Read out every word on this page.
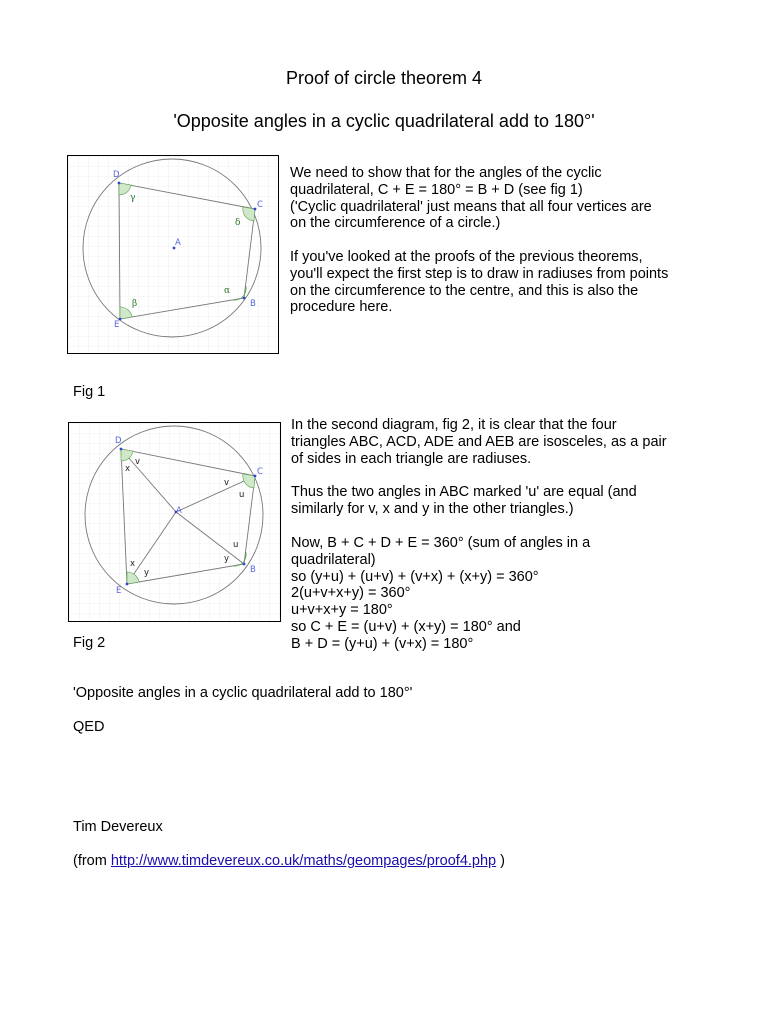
Proof of circle theorem 4
'Opposite angles in a cyclic quadrilateral add to 180°'
D
C
B
E
A
γ
δ
α
β
We need to show that for the angles of the cyclic
quadrilateral, C + E = 180° = B + D (see fig 1)
('Cyclic quadrilateral' just means that all four vertices are
on the circumference of a circle.)
If you've looked at the proofs of the previous theorems,
you'll expect the first step is to draw in radiuses from points
on the circumference to the centre, and this is also the
procedure here.
Fig 1
D
C
B
E
A
v
x
v
u
u
y
x
y
In the second diagram, fig 2, it is clear that the four
triangles ABC, ACD, ADE and AEB are isosceles, as a pair
of sides in each triangle are radiuses.
Thus the two angles in ABC marked 'u' are equal (and
similarly for v, x and y in the other triangles.)
Now, B + C + D + E = 360° (sum of angles in a
quadrilateral)
so (y+u) + (u+v) + (v+x) + (x+y) = 360°
2(u+v+x+y) = 360°
u+v+x+y = 180°
so C + E = (u+v) + (x+y) = 180° and
B + D = (y+u) + (v+x) = 180°
Fig 2
'Opposite angles in a cyclic quadrilateral add to 180°'
QED
Tim Devereux
(from http://www.timdevereux.co.uk/maths/geompages/proof4.php )
